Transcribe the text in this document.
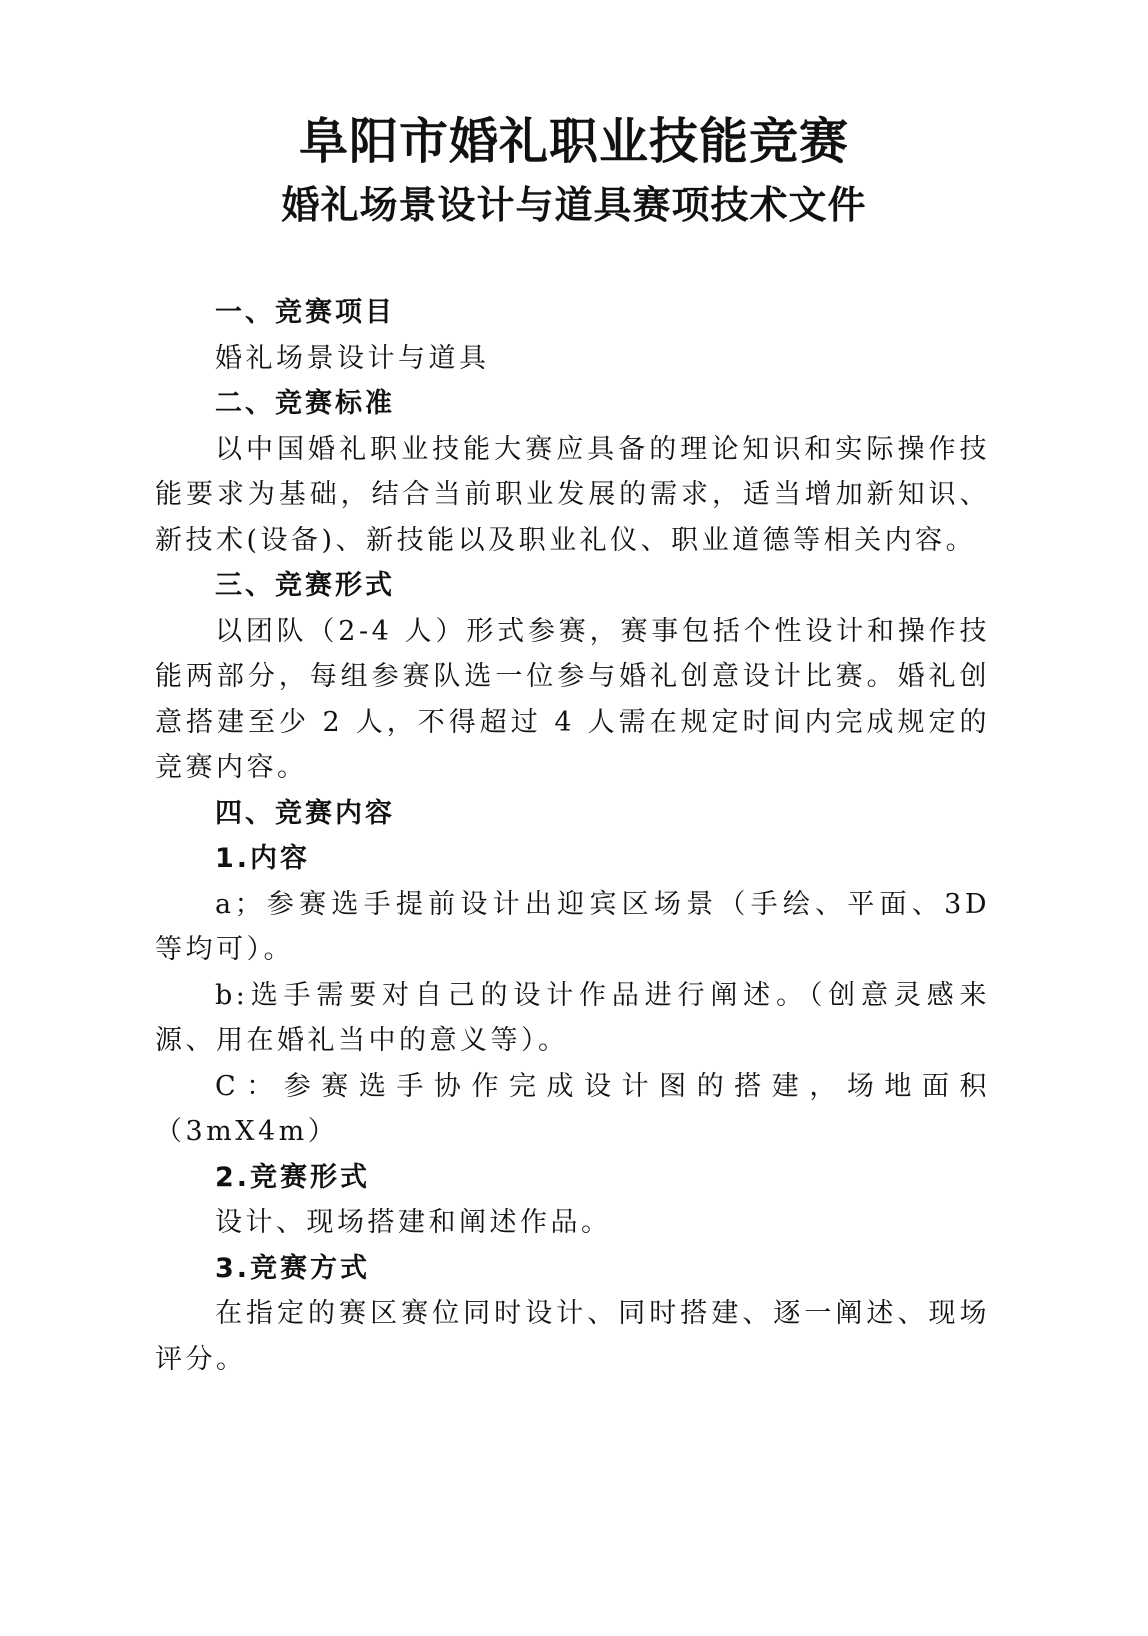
阜阳市婚礼职业技能竞赛
婚礼场景设计与道具赛项技术文件

一、竞赛项目

婚礼场景设计与道具

二、竞赛标准

以中国婚礼职业技能大赛应具备的理论知识和实际操作技能要求为基础，结合当前职业发展的需求，适当增加新知识、新技术(设备)、新技能以及职业礼仪、职业道德等相关内容。

三、竞赛形式

以团队（2-4 人）形式参赛，赛事包括个性设计和操作技能两部分，每组参赛队选一位参与婚礼创意设计比赛。婚礼创意搭建至少 2 人，不得超过 4 人需在规定时间内完成规定的竞赛内容。

四、竞赛内容

1.内容

a；参赛选手提前设计出迎宾区场景（手绘、平面、3D 等均可）。

b:选手需要对自己的设计作品进行阐述。（创意灵感来源、用在婚礼当中的意义等）。

C：参赛选手协作完成设计图的搭建，场地面积（3mX4m）

2.竞赛形式

设计、现场搭建和阐述作品。

3.竞赛方式

在指定的赛区赛位同时设计、同时搭建、逐一阐述、现场评分。
